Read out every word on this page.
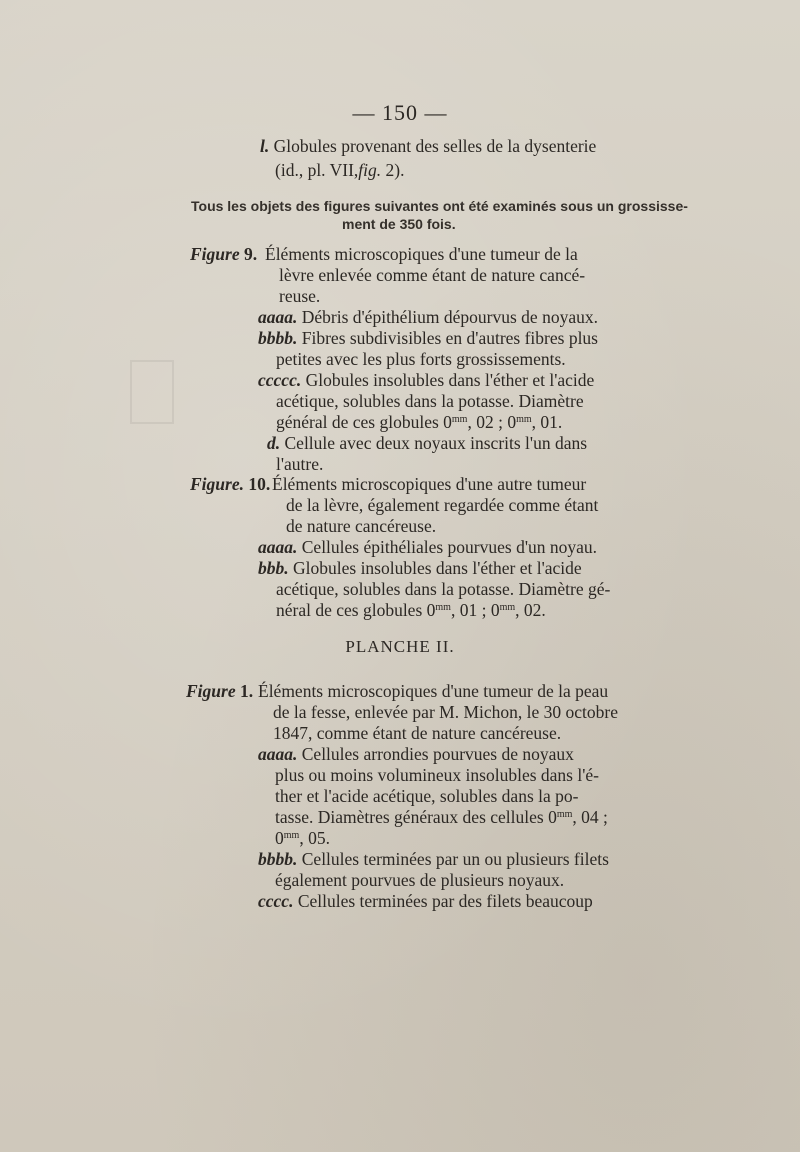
— 150 —
l. Globules provenant des selles de la dysenterie
(id., pl. VII,fig. 2).
Tous les objets des figures suivantes ont été examinés sous un grossisse-
ment de 350 fois.
Figure 9. Éléments microscopiques d'une tumeur de la
lèvre enlevée comme étant de nature cancé-
reuse.
aaaa. Débris d'épithélium dépourvus de noyaux.
bbbb. Fibres subdivisibles en d'autres fibres plus
petites avec les plus forts grossissements.
ccccc. Globules insolubles dans l'éther et l'acide
acétique, solubles dans la potasse. Diamètre
général de ces globules $0^{mm}$, 02 ; $0^{mm}$, 01.
d. Cellule avec deux noyaux inscrits l'un dans
l'autre.
Figure. 10. Éléments microscopiques d'une autre tumeur
de la lèvre, également regardée comme étant
de nature cancéreuse.
aaaa. Cellules épithéliales pourvues d'un noyau.
bbb. Globules insolubles dans l'éther et l'acide
acétique, solubles dans la potasse. Diamètre gé-
néral de ces globules $0^{mm}$, 01 ; $0^{mm}$, 02.
PLANCHE II.
Figure 1. Éléments microscopiques d'une tumeur de la peau
de la fesse, enlevée par M. Michon, le 30 octobre
1847, comme étant de nature cancéreuse.
aaaa. Cellules arrondies pourvues de noyaux
plus ou moins volumineux insolubles dans l'é-
ther et l'acide acétique, solubles dans la po-
tasse. Diamètres généraux des cellules $0^{mm}$, 04 ;
$0^{mm}$, 05.
bbbb. Cellules terminées par un ou plusieurs filets
également pourvues de plusieurs noyaux.
cccc. Cellules terminées par des filets beaucoup
